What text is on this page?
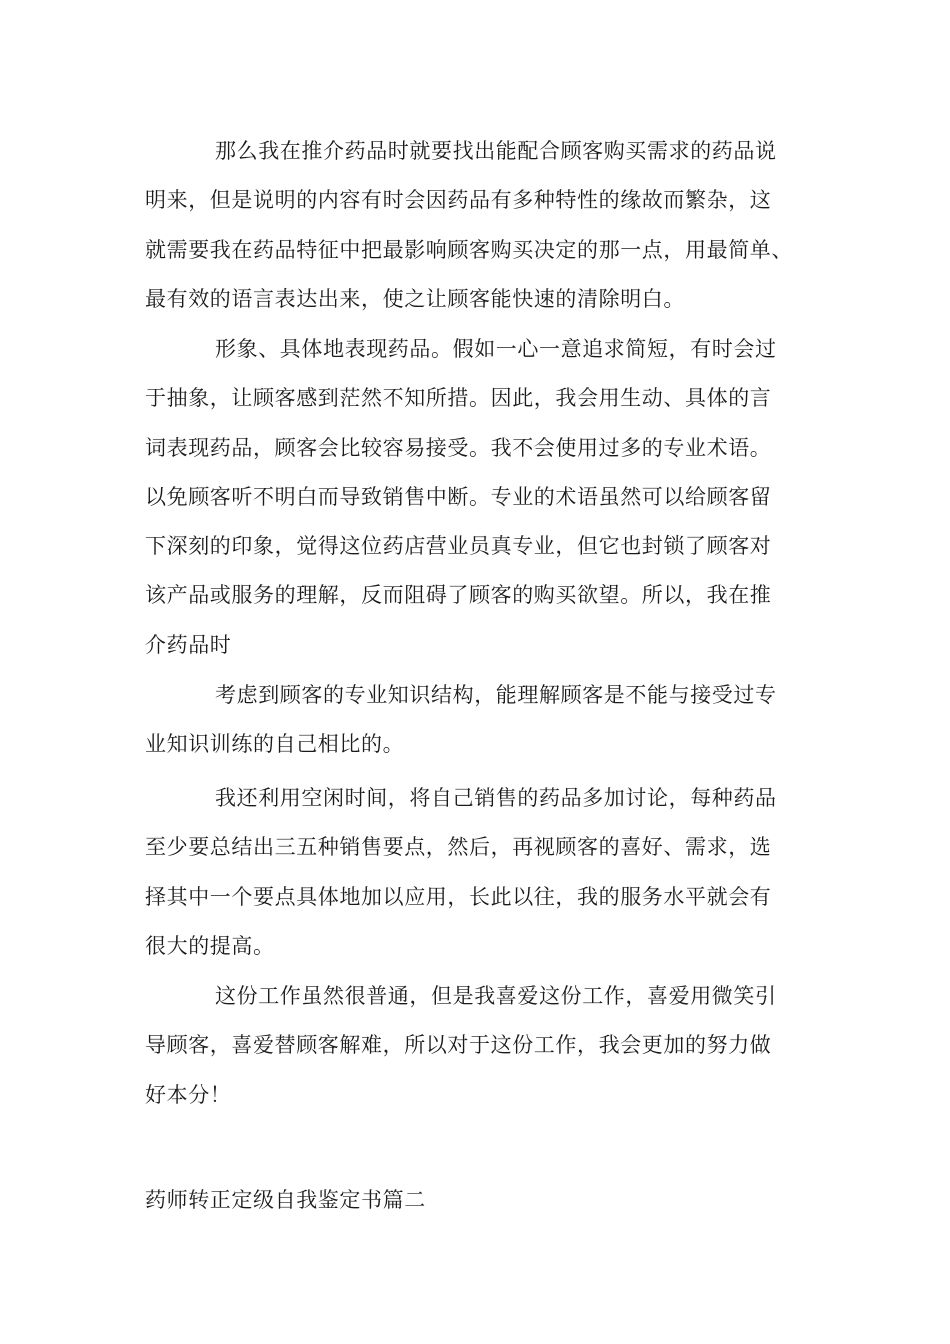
那么我在推介药品时就要找出能配合顾客购买需求的药品说
明来，但是说明的内容有时会因药品有多种特性的缘故而繁杂，这
就需要我在药品特征中把最影响顾客购买决定的那一点，用最简单、
最有效的语言表达出来，使之让顾客能快速的清除明白。

形象、具体地表现药品。假如一心一意追求简短，有时会过
于抽象，让顾客感到茫然不知所措。因此，我会用生动、具体的言
词表现药品，顾客会比较容易接受。我不会使用过多的专业术语。
以免顾客听不明白而导致销售中断。专业的术语虽然可以给顾客留
下深刻的印象，觉得这位药店营业员真专业，但它也封锁了顾客对
该产品或服务的理解，反而阻碍了顾客的购买欲望。所以，我在推
介药品时

考虑到顾客的专业知识结构，能理解顾客是不能与接受过专
业知识训练的自己相比的。

我还利用空闲时间，将自己销售的药品多加讨论，每种药品
至少要总结出三五种销售要点，然后，再视顾客的喜好、需求，选
择其中一个要点具体地加以应用，长此以往，我的服务水平就会有
很大的提高。

这份工作虽然很普通，但是我喜爱这份工作，喜爱用微笑引
导顾客，喜爱替顾客解难，所以对于这份工作，我会更加的努力做
好本分！

药师转正定级自我鉴定书篇二
